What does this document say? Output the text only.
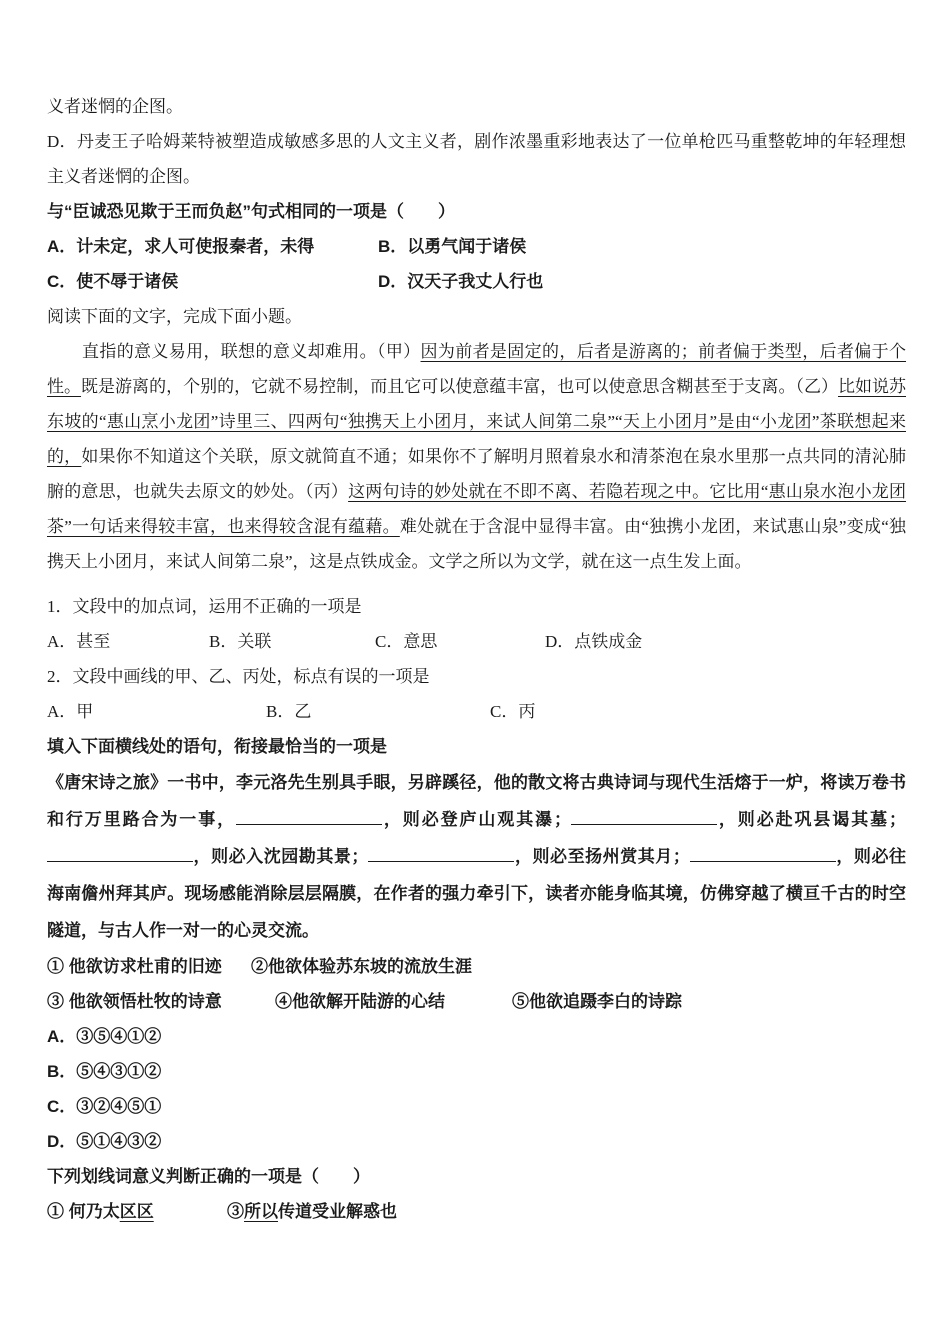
义者迷惘的企图。
D．丹麦王子哈姆莱特被塑造成敏感多思的人文主义者，剧作浓墨重彩地表达了一位单枪匹马重整乾坤的年轻理想主义者迷惘的企图。
与“臣诚恐见欺于王而负赵”句式相同的一项是（　　）
A．计未定，求人可使报秦者，未得	B．以勇气闻于诸侯
C．使不辱于诸侯	D．汉天子我丈人行也
阅读下面的文字，完成下面小题。
直指的意义易用，联想的意义却难用。（甲）因为前者是固定的，后者是游离的；前者偏于类型，后者偏于个性。既是游离的，个别的，它就不易控制，而且它可以使意蕴丰富，也可以使意思含糊甚至于支离。（乙）比如说苏东坡的“惠山烹小龙团”诗里三、四两句“独携天上小团月，来试人间第二泉”“天上小团月”是由“小龙团”茶联想起来的，如果你不知道这个关联，原文就简直不通；如果你不了解明月照着泉水和清茶泡在泉水里那一点共同的清沁肺腑的意思，也就失去原文的妙处。（丙）这两句诗的妙处就在不即不离、若隐若现之中。它比用“惠山泉水泡小龙团茶”一句话来得较丰富，也来得较含混有蕴藉。难处就在于含混中显得丰富。由“独携小龙团，来试惠山泉”变成“独携天上小团月，来试人间第二泉”，这是点铁成金。文学之所以为文学，就在这一点生发上面。
1．文段中的加点词，运用不正确的一项是
A．甚至	B．关联	C．意思	D．点铁成金
2．文段中画线的甲、乙、丙处，标点有误的一项是
A．甲	B．乙	C．丙
填入下面横线处的语句，衔接最恰当的一项是
《唐宋诗之旅》一书中，李元洛先生别具手眼，另辟蹊径，他的散文将古典诗词与现代生活熔于一炉，将读万卷书和行万里路合为一事，	，则必登庐山观其瀑；	，则必赴巩县谒其墓；，则必入沈园勘其景；	，则必至扬州赏其月；	，则必往海南儋州拜其庐。现场感能消除层层隔膜，在作者的强力牵引下，读者亦能身临其境，仿佛穿越了横亘千古的时空隧道，与古人作一对一的心灵交流。
① 他欲访求杜甫的旧迹 ②他欲体验苏东坡的流放生涯
③ 他欲领悟杜牧的诗意	④他欲解开陆游的心结	⑤他欲追蹑李白的诗踪
A．③⑤④①②
B．⑤④③①②
C．③②④⑤①
D．⑤①④③②
下列划线词意义判断正确的一项是（　　）
① 何乃太区区	③所以传道受业解惑也
